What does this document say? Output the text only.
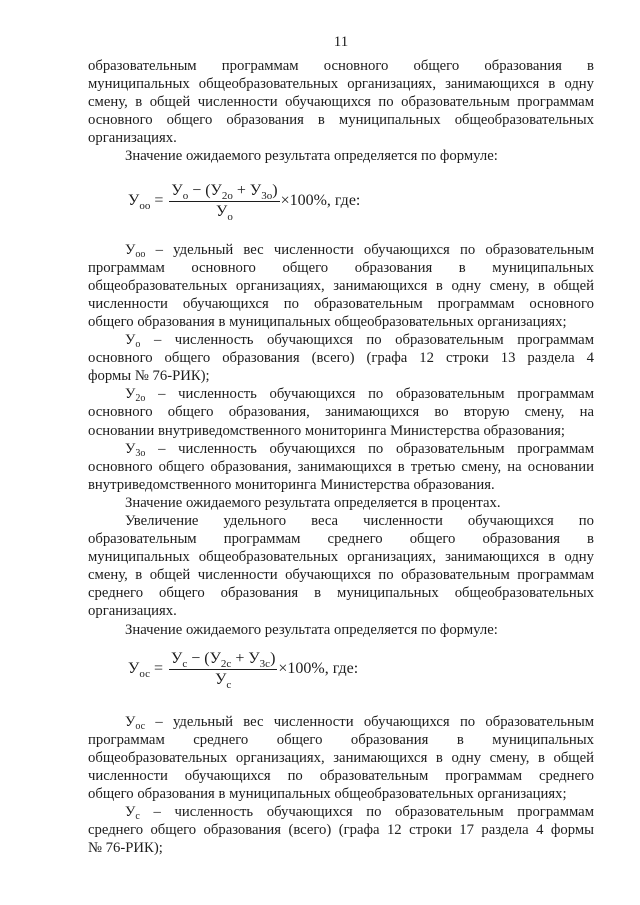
11
образовательным программам основного общего образования в
муниципальных общеобразовательных организациях, занимающихся в одну
смену, в общей численности обучающихся по образовательным программам
основного общего образования в муниципальных общеобразовательных
организациях.
Значение ожидаемого результата определяется по формуле:
$У_{оо} = \frac{У_о - (У_{2о} + У_{3о})}{У_о} \times 100\%$, где:
$У_{оо}$ – удельный вес численности обучающихся по образовательным
программам основного общего образования в муниципальных
общеобразовательных организациях, занимающихся в одну смену, в общей
численности обучающихся по образовательным программам основного
общего образования в муниципальных общеобразовательных организациях;
$У_о$ – численность обучающихся по образовательным программам
основного общего образования (всего) (графа 12 строки 13 раздела 4
формы № 76-РИК);
$У_{2о}$ – численность обучающихся по образовательным программам
основного общего образования, занимающихся во вторую смену, на
основании внутриведомственного мониторинга Министерства образования;
$У_{3о}$ – численность обучающихся по образовательным программам
основного общего образования, занимающихся в третью смену, на основании
внутриведомственного мониторинга Министерства образования.
Значение ожидаемого результата определяется в процентах.
Увеличение удельного веса численности обучающихся по
образовательным программам среднего общего образования в
муниципальных общеобразовательных организациях, занимающихся в одну
смену, в общей численности обучающихся по образовательным программам
среднего общего образования в муниципальных общеобразовательных
организациях.
Значение ожидаемого результата определяется по формуле:
$У_{ос} = \frac{У_с - (У_{2с} + У_{3с})}{У_с} \times 100\%$, где:
$У_{ос}$ – удельный вес численности обучающихся по образовательным
программам среднего общего образования в муниципальных
общеобразовательных организациях, занимающихся в одну смену, в общей
численности обучающихся по образовательным программам среднего
общего образования в муниципальных общеобразовательных организациях;
$У_с$ – численность обучающихся по образовательным программам
среднего общего образования (всего) (графа 12 строки 17 раздела 4 формы
№ 76-РИК);
